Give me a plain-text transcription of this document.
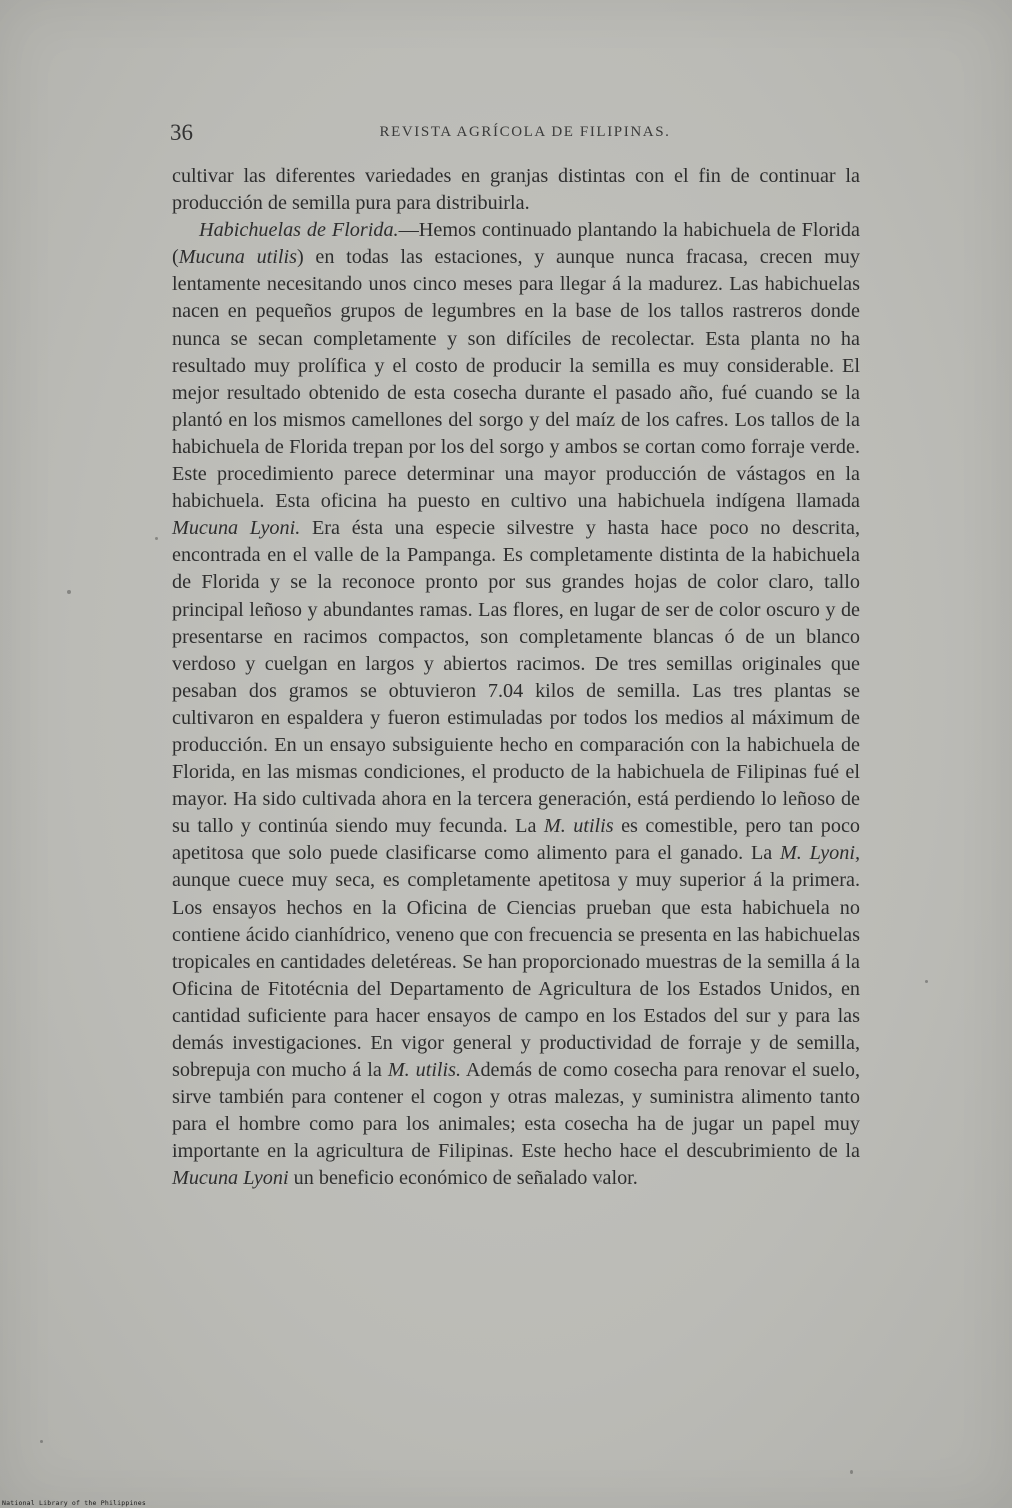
36	REVISTA AGRÍCOLA DE FILIPINAS.

cultivar las diferentes variedades en granjas distintas con el fin de continuar la producción de semilla pura para distribuirla.

Habichuelas de Florida.—Hemos continuado plantando la habichuela de Florida (Mucuna utilis) en todas las estaciones, y aunque nunca fracasa, crecen muy lentamente necesitando unos cinco meses para llegar á la madurez. Las habichuelas nacen en pequeños grupos de legumbres en la base de los tallos rastreros donde nunca se secan completamente y son difíciles de recolectar. Esta planta no ha resultado muy prolífica y el costo de producir la semilla es muy considerable. El mejor resultado obtenido de esta cosecha durante el pasado año, fué cuando se la plantó en los mismos camellones del sorgo y del maíz de los cafres. Los tallos de la habichuela de Florida trepan por los del sorgo y ambos se cortan como forraje verde. Este procedimiento parece determinar una mayor producción de vástagos en la habichuela. Esta oficina ha puesto en cultivo una habichuela indígena llamada Mucuna Lyoni. Era ésta una especie silvestre y hasta hace poco no descrita, encontrada en el valle de la Pampanga. Es completamente distinta de la habichuela de Florida y se la reconoce pronto por sus grandes hojas de color claro, tallo principal leñoso y abundantes ramas. Las flores, en lugar de ser de color oscuro y de presentarse en racimos compactos, son completamente blancas ó de un blanco verdoso y cuelgan en largos y abiertos racimos. De tres semillas originales que pesaban dos gramos se obtuvieron 7.04 kilos de semilla. Las tres plantas se cultivaron en espaldera y fueron estimuladas por todos los medios al máximum de producción. En un ensayo subsiguiente hecho en comparación con la habichuela de Florida, en las mismas condiciones, el producto de la habichuela de Filipinas fué el mayor. Ha sido cultivada ahora en la tercera generación, está perdiendo lo leñoso de su tallo y continúa siendo muy fecunda. La M. utilis es comestible, pero tan poco apetitosa que solo puede clasificarse como alimento para el ganado. La M. Lyoni, aunque cuece muy seca, es completamente apetitosa y muy superior á la primera. Los ensayos hechos en la Oficina de Ciencias prueban que esta habichuela no contiene ácido cianhídrico, veneno que con frecuencia se presenta en las habichuelas tropicales en cantidades deletéreas. Se han proporcionado muestras de la semilla á la Oficina de Fitotécnia del Departamento de Agricultura de los Estados Unidos, en cantidad suficiente para hacer ensayos de campo en los Estados del sur y para las demás investigaciones. En vigor general y productividad de forraje y de semilla, sobrepuja con mucho á la M. utilis. Además de como cosecha para renovar el suelo, sirve también para contener el cogon y otras malezas, y suministra alimento tanto para el hombre como para los animales; esta cosecha ha de jugar un papel muy importante en la agricultura de Filipinas. Este hecho hace el descubrimiento de la Mucuna Lyoni un beneficio económico de señalado valor.

National Library of the Philippines
